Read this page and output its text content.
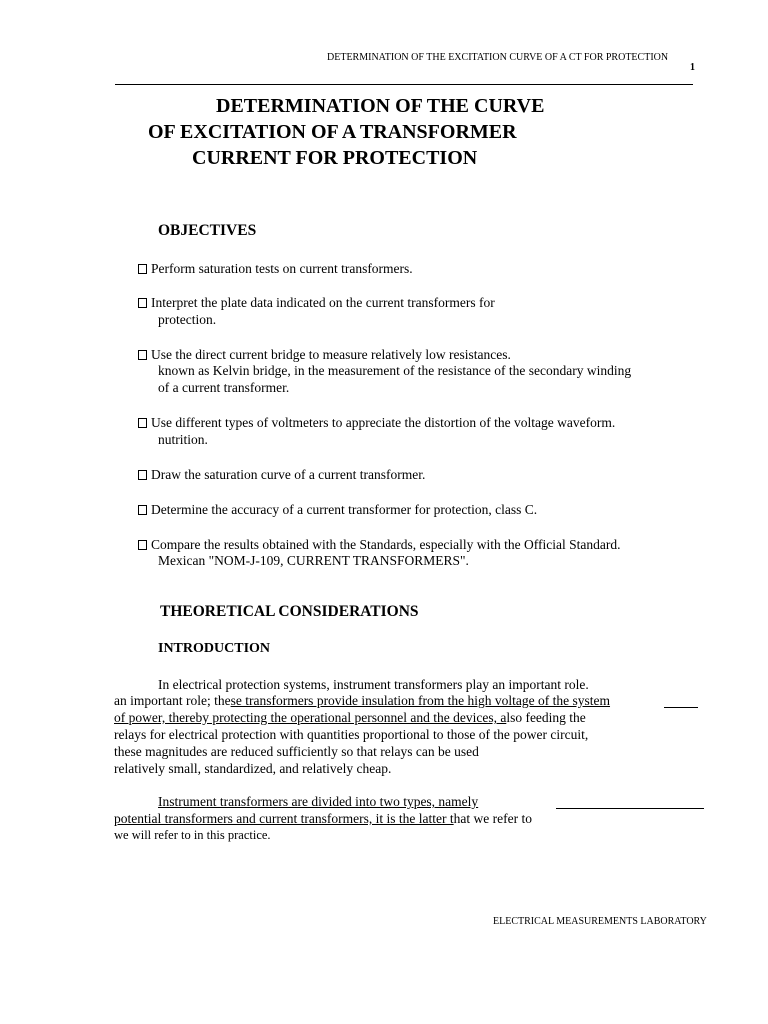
DETERMINATION OF THE EXCITATION CURVE OF A CT FOR PROTECTION
1
DETERMINATION OF THE CURVE
OF EXCITATION OF A TRANSFORMER
CURRENT FOR PROTECTION
OBJECTIVES
Perform saturation tests on current transformers.
Interpret the plate data indicated on the current transformers for
protection.
Use the direct current bridge to measure relatively low resistances.
known as Kelvin bridge, in the measurement of the resistance of the secondary winding
of a current transformer.
Use different types of voltmeters to appreciate the distortion of the voltage waveform.
nutrition.
Draw the saturation curve of a current transformer.
Determine the accuracy of a current transformer for protection, class C.
Compare the results obtained with the Standards, especially with the Official Standard.
Mexican "NOM-J-109, CURRENT TRANSFORMERS".
THEORETICAL CONSIDERATIONS
INTRODUCTION
In electrical protection systems, instrument transformers play an important role.
an important role; these transformers provide insulation from the high voltage of the system
of power, thereby protecting the operational personnel and the devices, also feeding the
relays for electrical protection with quantities proportional to those of the power circuit,
these magnitudes are reduced sufficiently so that relays can be used
relatively small, standardized, and relatively cheap.
Instrument transformers are divided into two types, namely
potential transformers and current transformers, it is the latter that we refer to
we will refer to in this practice.
ELECTRICAL MEASUREMENTS LABORATORY
